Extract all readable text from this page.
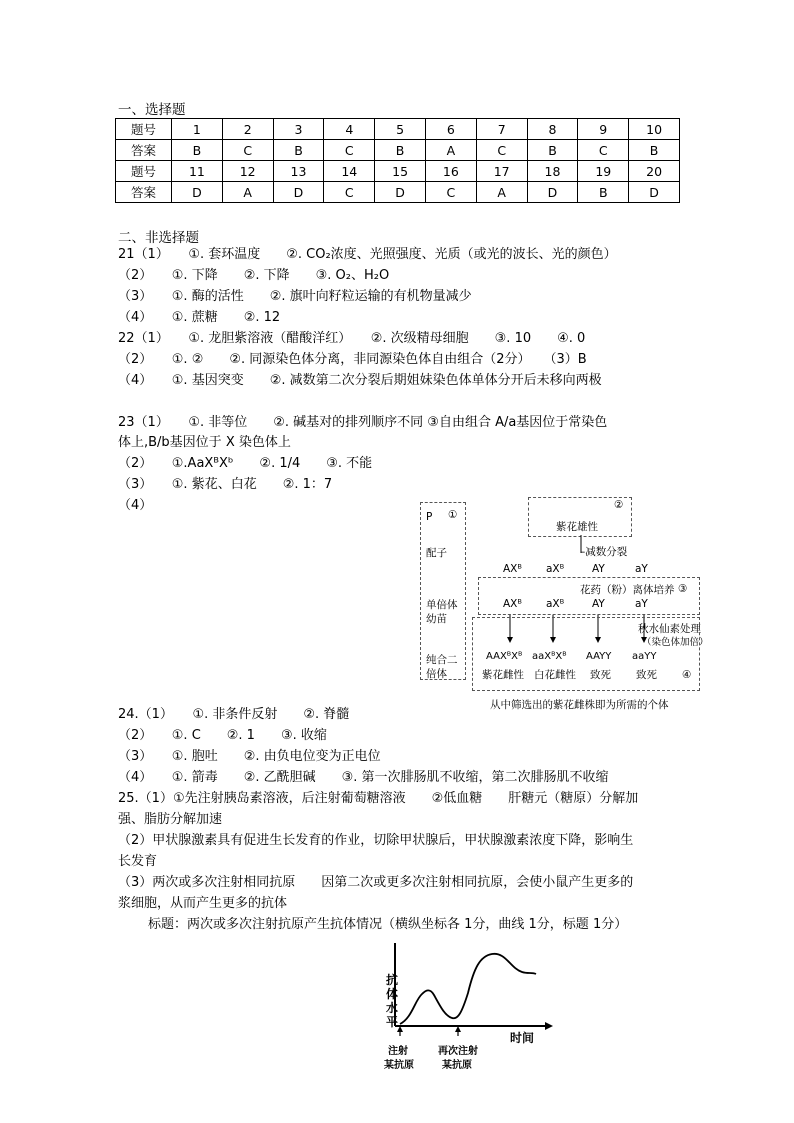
一、选择题
题号	1	2	3	4	5	6	7	8	9	10
答案	B	C	B	C	B	A	C	B	C	B
题号	11	12	13	14	15	16	17	18	19	20
答案	D	A	D	C	D	C	A	D	B	D
二、非选择题
21（1）　　①. 套环温度　　②. CO₂浓度、光照强度、光质（或光的波长、光的颜色）
（2）　　①. 下降　　②. 下降　　③. O₂、H₂O
（3）　　①. 酶的活性　　②. 旗叶向籽粒运输的有机物量减少
（4）　　①. 蔗糖　　②. 12
22（1）　　①. 龙胆紫溶液（醋酸洋红）　　②. 次级精母细胞　　③. 10　　④. 0
（2）　　①. ②　　②. 同源染色体分离，非同源染色体自由组合（2分）　　（3）B
（4）　　①. 基因突变　　②. 减数第二次分裂后期姐妹染色体单体分开后未移向两极
23（1）　　①. 非等位　　②. 碱基对的排列顺序不同 ③自由组合 A/a基因位于常染色
体上,B/b基因位于 X 染色体上
（2）　　①.AaXᴮXᵇ　　②. 1/4　　③. 不能
（3）　　①. 紫花、白花　　②. 1：7
（4）
P ①
配子
单倍体
幼苗
纯合二
倍体
②
紫花雄性
–减数分裂
AXᴮ aXᴮ	AY	aY
花药（粉）离体培养 ③
AXᴮ aXᴮ	AY	aY
秋水仙素处理
（染色体加倍）
AAXᴮXᴮ aaXᴮXᴮ AAYY aaYY
紫花雌性 白花雌性 致死 致死 ④
从中筛选出的紫花雌株即为所需的个体
24.（1）　　①. 非条件反射　　②. 脊髓
（2）　　①. C　　②. 1　　③. 收缩
（3）　　①. 胞吐　　②. 由负电位变为正电位
（4）　　①. 箭毒　　②. 乙酰胆碱　　③. 第一次腓肠肌不收缩，第二次腓肠肌不收缩
25.（1）①先注射胰岛素溶液，后注射葡萄糖溶液　　②低血糖　　肝糖元（糖原）分解加
强、脂肪分解加速
（2）甲状腺激素具有促进生长发育的作业，切除甲状腺后，甲状腺激素浓度下降，影响生
长发育
（3）两次或多次注射相同抗原　　因第二次或更多次注射相同抗原，会使小鼠产生更多的
浆细胞，从而产生更多的抗体
标题：两次或多次注射抗原产生抗体情况（横纵坐标各 1分，曲线 1分，标题 1分）
抗
体
水
平
时间
注射
某抗原
再次注射
某抗原
